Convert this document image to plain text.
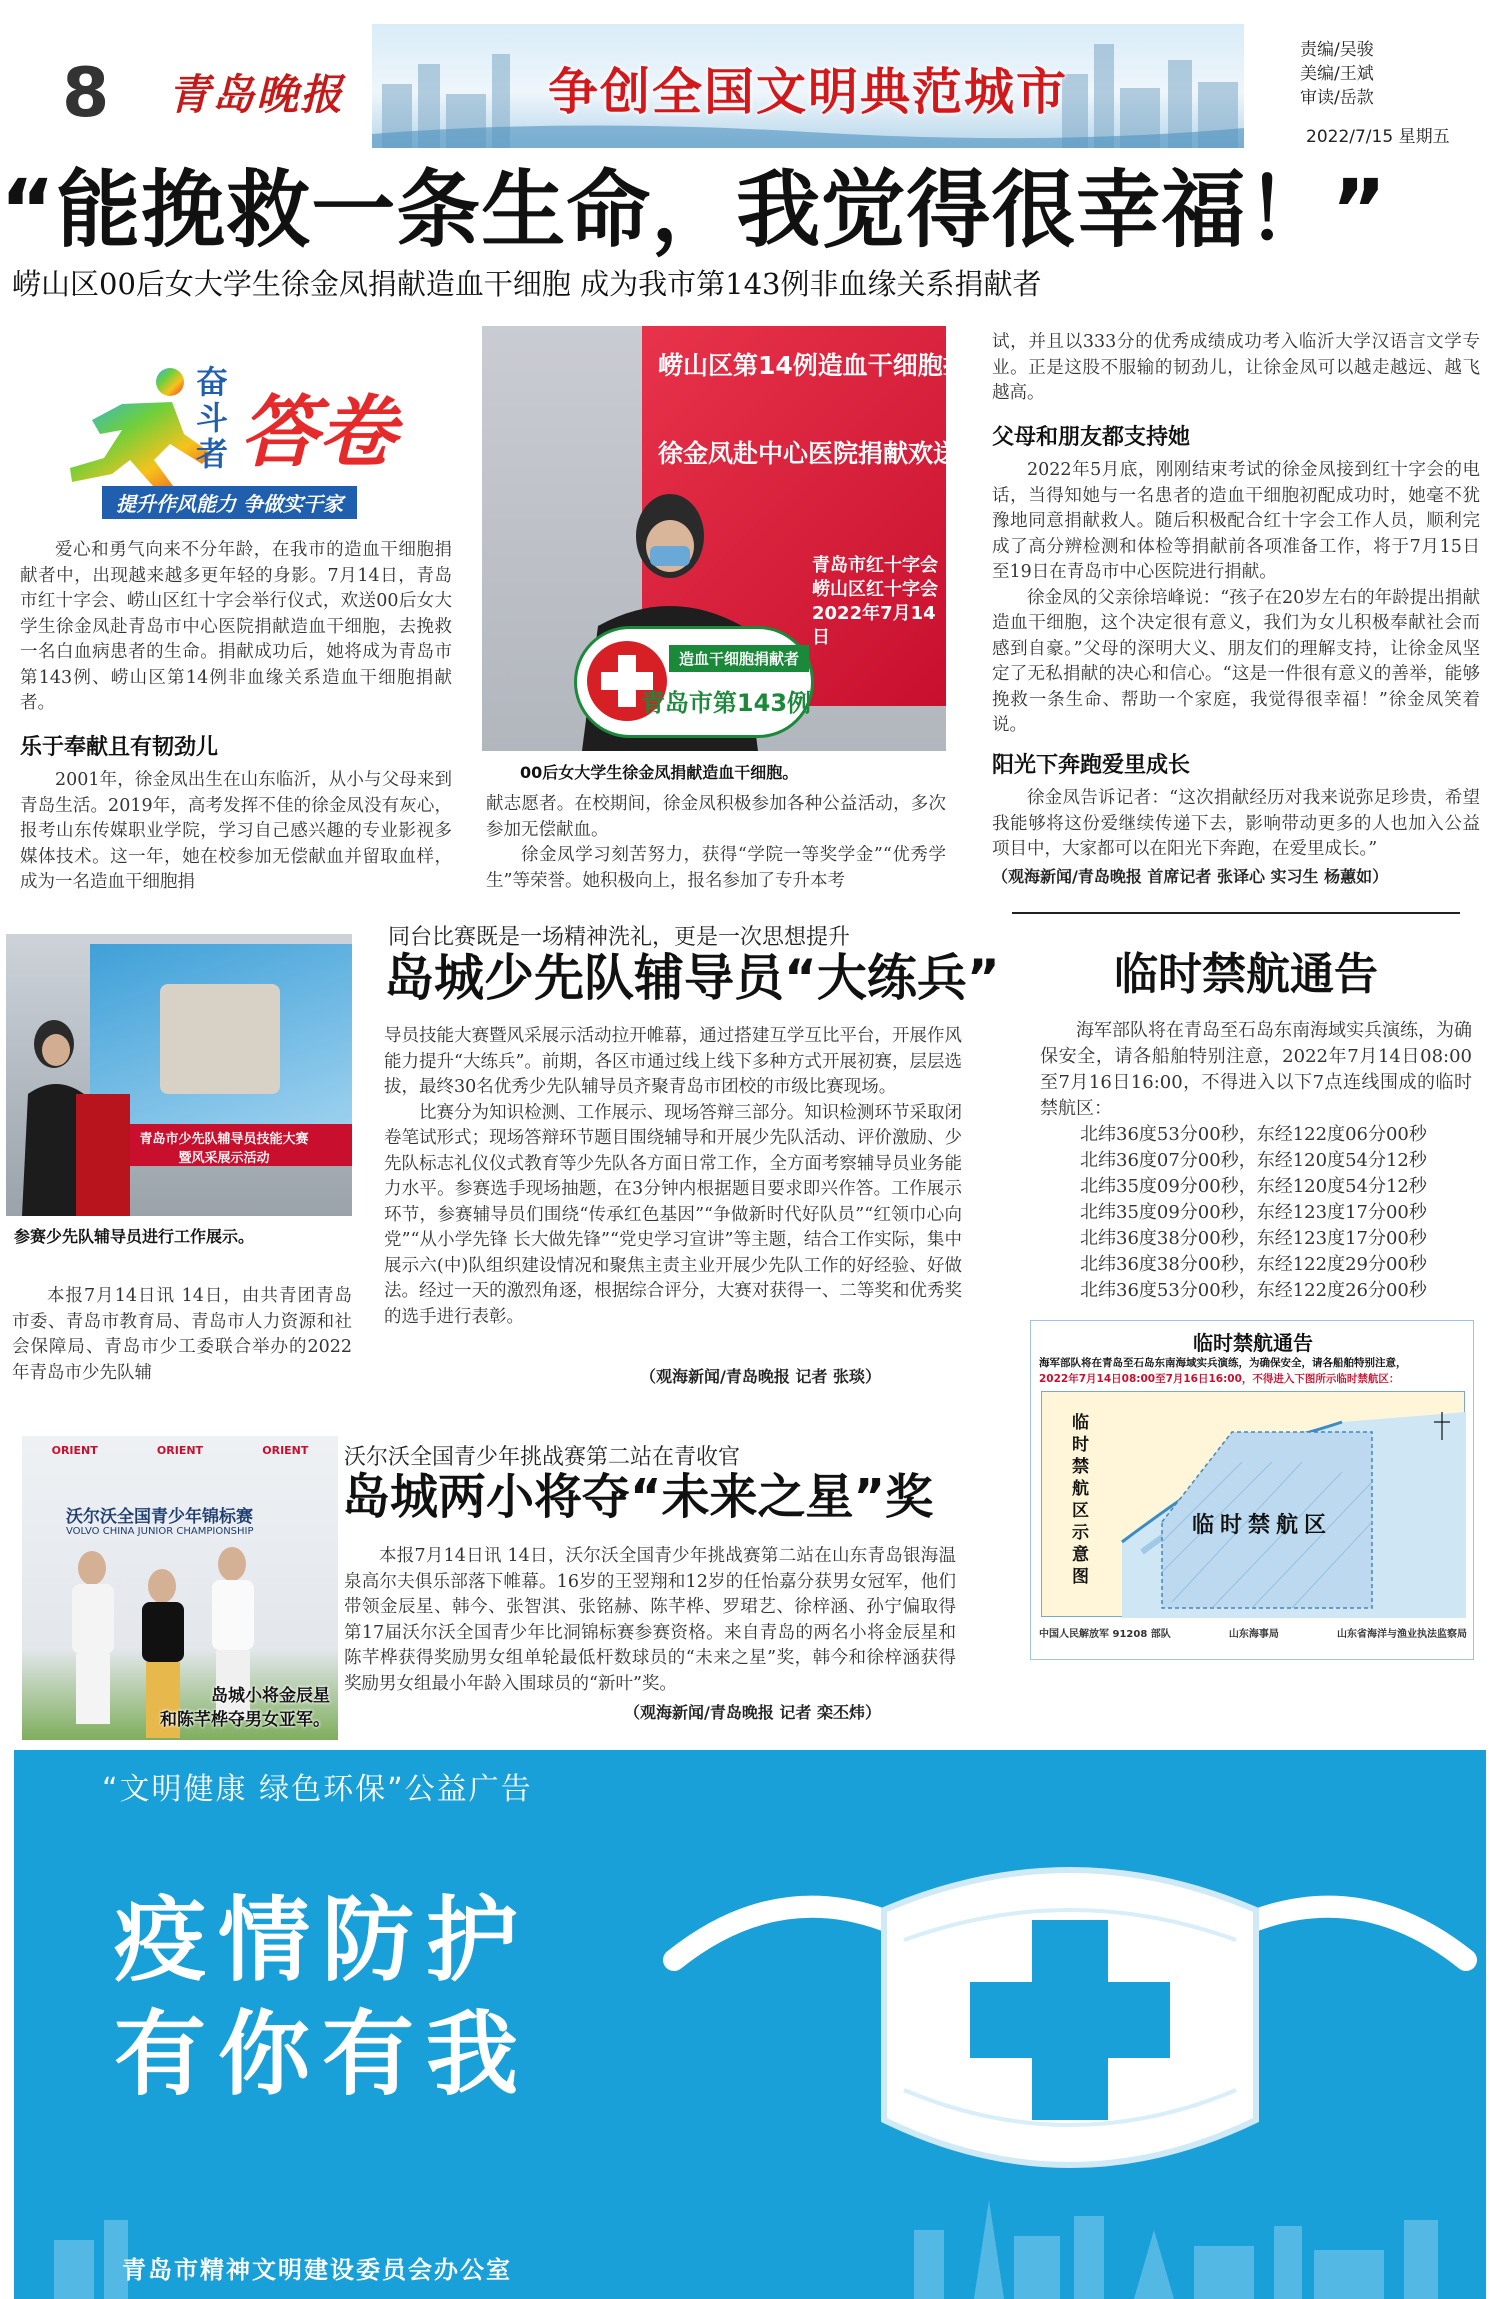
8 青岛晚报	争创全国文明典范城市
责编/吴骏
美编/王斌
审读/岳款
2022/7/15 星期五
“能挽救一条生命，我觉得很幸福！”
崂山区00后女大学生徐金凤捐献造血干细胞 成为我市第143例非血缘关系捐献者
奋
斗
者 答卷
提升作风能力 争做实干家
爱心和勇气向来不分年龄，在我市的造血干细胞捐献者中，出现越来越多更年轻的身影。7月14日，青岛市红十字会、崂山区红十字会举行仪式，欢送00后女大学生徐金凤赴青岛市中心医院捐献造血干细胞，去挽救一名白血病患者的生命。捐献成功后，她将成为青岛市第143例、崂山区第14例非血缘关系造血干细胞捐献者。
乐于奉献且有韧劲儿
2001年，徐金凤出生在山东临沂，从小与父母来到青岛生活。2019年，高考发挥不佳的徐金凤没有灰心，报考山东传媒职业学院，学习自己感兴趣的专业影视多媒体技术。这一年，她在校参加无偿献血并留取血样，成为一名造血干细胞捐
崂山区第14例造血干细胞捐献
徐金凤赴中心医院捐献欢送
青岛市红十字会
崂山区红十字会
2022年7月14日
造血干细胞捐献者
青岛市第143例
00后女大学生徐金凤捐献造血干细胞。

献志愿者。在校期间，徐金凤积极参加各种公益活动，多次参加无偿献血。

徐金凤学习刻苦努力，获得“学院一等奖学金”“优秀学生”等荣誉。她积极向上，报名参加了专升本考

试，并且以333分的优秀成绩成功考入临沂大学汉语言文学专业。正是这股不服输的韧劲儿，让徐金凤可以越走越远、越飞越高。
父母和朋友都支持她

2022年5月底，刚刚结束考试的徐金凤接到红十字会的电话，当得知她与一名患者的造血干细胞初配成功时，她毫不犹豫地同意捐献救人。随后积极配合红十字会工作人员，顺利完成了高分辨检测和体检等捐献前各项准备工作，将于7月15日至19日在青岛市中心医院进行捐献。

徐金凤的父亲徐培峰说：“孩子在20岁左右的年龄提出捐献造血干细胞，这个决定很有意义，我们为女儿积极奉献社会而感到自豪。”父母的深明大义、朋友们的理解支持，让徐金凤坚定了无私捐献的决心和信心。“这是一件很有意义的善举，能够挽救一条生命、帮助一个家庭，我觉得很幸福！”徐金凤笑着说。

阳光下奔跑爱里成长
徐金凤告诉记者：“这次捐献经历对我来说弥足珍贵，希望我能够将这份爱继续传递下去，影响带动更多的人也加入公益项目中，大家都可以在阳光下奔跑，在爱里成长。”
（观海新闻/青岛晚报 首席记者 张译心 实习生 杨蕙如）
青岛市少先队辅导员技能大赛
暨风采展示活动
参赛少先队辅导员进行工作展示。
本报7月14日讯 14日，由共青团青岛市委、青岛市教育局、青岛市人力资源和社会保障局、青岛市少工委联合举办的2022年青岛市少先队辅
同台比赛既是一场精神洗礼，更是一次思想提升
岛城少先队辅导员“大练兵”

导员技能大赛暨风采展示活动拉开帷幕，通过搭建互学互比平台，开展作风能力提升“大练兵”。前期，各区市通过线上线下多种方式开展初赛，层层选拔，最终30名优秀少先队辅导员齐聚青岛市团校的市级比赛现场。

比赛分为知识检测、工作展示、现场答辩三部分。知识检测环节采取闭卷笔试形式；现场答辩环节题目围绕辅导和开展少先队活动、评价激励、少先队标志礼仪仪式教育等少先队各方面日常工作，全方面考察辅导员业务能力水平。参赛选手现场抽题，在3分钟内根据题目要求即兴作答。工作展示环节，参赛辅导员们围绕“传承红色基因”“争做新时代好队员”“红领巾心向党”“从小学先锋 长大做先锋”“党史学习宣讲”等主题，结合工作实际，集中展示六(中)队组织建设情况和聚焦主责主业开展少先队工作的好经验、好做法。经过一天的激烈角逐，根据综合评分，大赛对获得一、二等奖和优秀奖的选手进行表彰。

（观海新闻/青岛晚报 记者 张琰）
ORIENT	ORIENT	ORIENT
沃尔沃全国青少年锦标赛
VOLVO CHINA JUNIOR CHAMPIONSHIP
岛城小将金辰星
和陈芊桦夺男女亚军。
沃尔沃全国青少年挑战赛第二站在青收官
岛城两小将夺“未来之星”奖
本报7月14日讯 14日，沃尔沃全国青少年挑战赛第二站在山东青岛银海温泉高尔夫俱乐部落下帷幕。16岁的王翌翔和12岁的任怡嘉分获男女冠军，他们带领金辰星、韩今、张智淇、张铭赫、陈芊桦、罗珺艺、徐梓涵、孙宁偏取得第17届沃尔沃全国青少年比洞锦标赛参赛资格。来自青岛的两名小将金辰星和陈芊桦获得奖励男女组单轮最低杆数球员的“未来之星”奖，韩今和徐梓涵获得奖励男女组最小年龄入围球员的“新叶”奖。
（观海新闻/青岛晚报 记者 栾丕炜）
临时禁航通告
海军部队将在青岛至石岛东南海域实兵演练，为确保安全，请各船舶特别注意，2022年7月14日08:00至7月16日16:00，不得进入以下7点连线围成的临时禁航区：
北纬36度53分00秒，东经122度06分00秒
北纬36度07分00秒，东经120度54分12秒
北纬35度09分00秒，东经120度54分12秒
北纬35度09分00秒，东经123度17分00秒
北纬36度38分00秒，东经123度17分00秒
北纬36度38分00秒，东经122度29分00秒
北纬36度53分00秒，东经122度26分00秒
临时禁航通告
海军部队将在青岛至石岛东南海域实兵演练，为确保安全，请各船舶特别注意，
2022年7月14日08:00至7月16日16:00，不得进入下图所示临时禁航区：
临时禁航区示意图
临时禁航区
中国人民解放军 91208 部队	山东海事局	山东省海洋与渔业执法监察局
“文明健康 绿色环保”公益广告
疫情防护
有你有我
青岛市精神文明建设委员会办公室
